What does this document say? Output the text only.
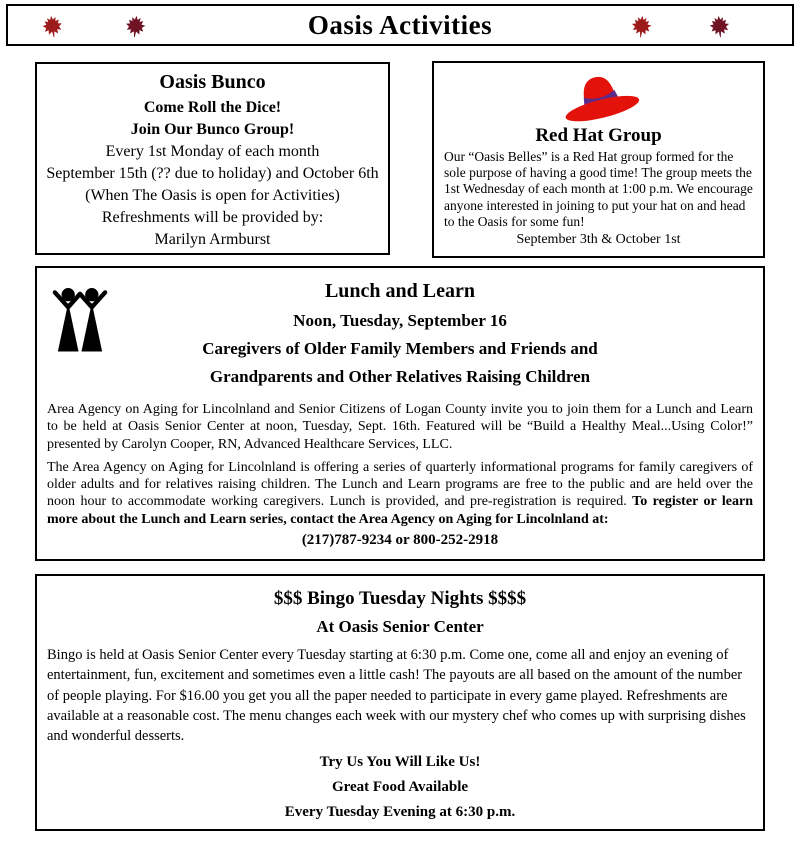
Oasis Activities
Oasis Bunco

Come Roll the Dice!

Join Our Bunco Group!

Every 1st Monday of each month

September 15th (?? due to holiday) and October 6th

(When The Oasis is open for Activities)

Refreshments will be provided by:

Marilyn Armburst

Red Hat Group

Our “Oasis Belles” is a Red Hat group formed for the sole purpose of having a good time! The group meets the 1st Wednesday of each month at 1:00 p.m. We encourage anyone interested in joining to put your hat on and head to the Oasis for some fun!

September 3th & October 1st

Lunch and Learn

Noon, Tuesday, September 16

Caregivers of Older Family Members and Friends and

Grandparents and Other Relatives Raising Children

Area Agency on Aging for Lincolnland and Senior Citizens of Logan County invite you to join them for a Lunch and Learn to be held at Oasis Senior Center at noon, Tuesday, Sept. 16th. Featured will be “Build a Healthy Meal...Using Color!” presented by Carolyn Cooper, RN, Advanced Healthcare Services, LLC.

The Area Agency on Aging for Lincolnland is offering a series of quarterly informational programs for family caregivers of older adults and for relatives raising children. The Lunch and Learn programs are free to the public and are held over the noon hour to accommodate working caregivers. Lunch is provided, and pre-registration is required. To register or learn more about the Lunch and Learn series, contact the Area Agency on Aging for Lincolnland at:

(217)787-9234 or 800-252-2918

$$$ Bingo Tuesday Nights $$$$

At Oasis Senior Center

Bingo is held at Oasis Senior Center every Tuesday starting at 6:30 p.m. Come one, come all and enjoy an evening of entertainment, fun, excitement and sometimes even a little cash! The payouts are all based on the amount of the number of people playing. For $16.00 you get you all the paper needed to participate in every game played. Refreshments are available at a reasonable cost. The menu changes each week with our mystery chef who comes up with surprising dishes and wonderful desserts.

Try Us You Will Like Us!

Great Food Available

Every Tuesday Evening at 6:30 p.m.
